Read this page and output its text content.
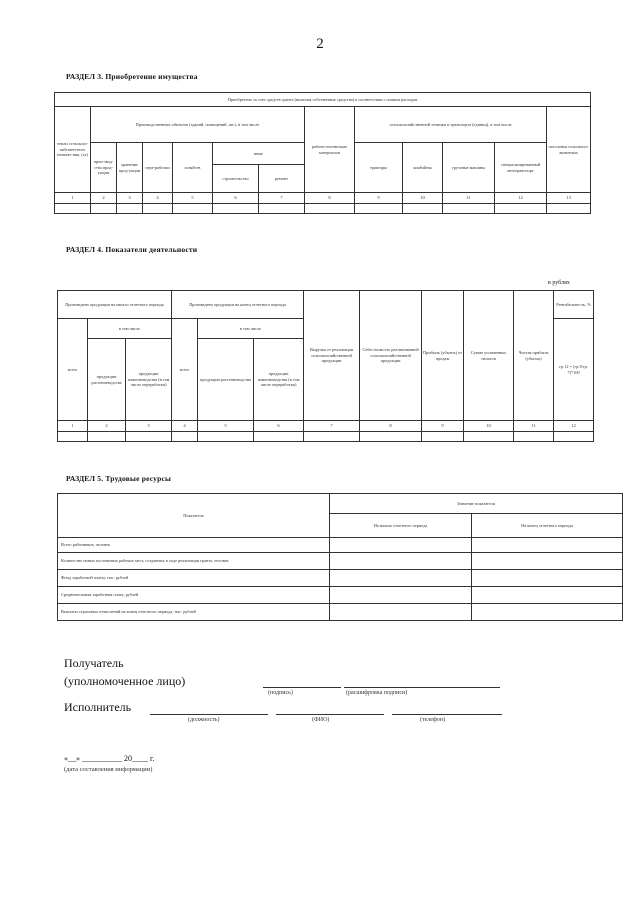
2
РАЗДЕЛ 3. Приобретение имущества
Приобретено за счет средств гранта (включая собственные средства) в соответствии с планом расходов												
земли сельскохо-зяйствен-ного назначе-ния, (га)	Производственных объектов (зданий, помещений, шт.), в том числе						рабочи-охотничьих материалов	сельскохозяйственной техники и транспорта (единиц), в том числе				поголовья сельскохоз. животных
	прои-звод-ства прод-укции	хранение прод-укции	пере-работки	хозяйств	иные			тракторы	комбайны	грузовые машины	специализированный автотранспорт	
					строительство	ремонт						
1	2	3	4	5	6	7	8	9	10	11	12	13

РАЗДЕЛ 4. Показатели деятельности
в рублях
Произведено продукции на начало отчетного периода			Произведено продукции на конец отчетного периода			Выручка от реализации сельскохозяйственной продукции	Себестоимость реализованной сельскохозяйственной продукции	Прибыль (убыток) от продаж	Сумма уплаченных налогов	Чистая прибыль (убыток)	Рентабельность, %
всего	в том числе		всего	в том числе							гр.12 = (гр.9/гр. 7)*100
	продукции растениеводства	продукции животноводства (в том числе переработки)		продукции растениеводства	продукции животноводства (в том числе переработки)						
1	2	3	4	5	6	7	8	9	10	11	12

РАЗДЕЛ 5. Трудовые ресурсы
Показатель	Значение показателя	
	На начало отчетного периода	На конец отчетного периода
Всего работников, человек		
Количество новых постоянных рабочих мест, созданных в ходе реализации гранта, человек		
Фонд заработной платы, тыс. рублей		
Среднемесячная заработная плата, рублей		
Выплаты страховых отчислений на конец отчетного периода, тыс. рублей		
Получатель
(уполномоченное лицо)
(подпись)	(расшифровка подписи)
Исполнитель
(должность)	(ФИО)	(телефон)
«__» __________ 20____ г.
(дата составления информации)
